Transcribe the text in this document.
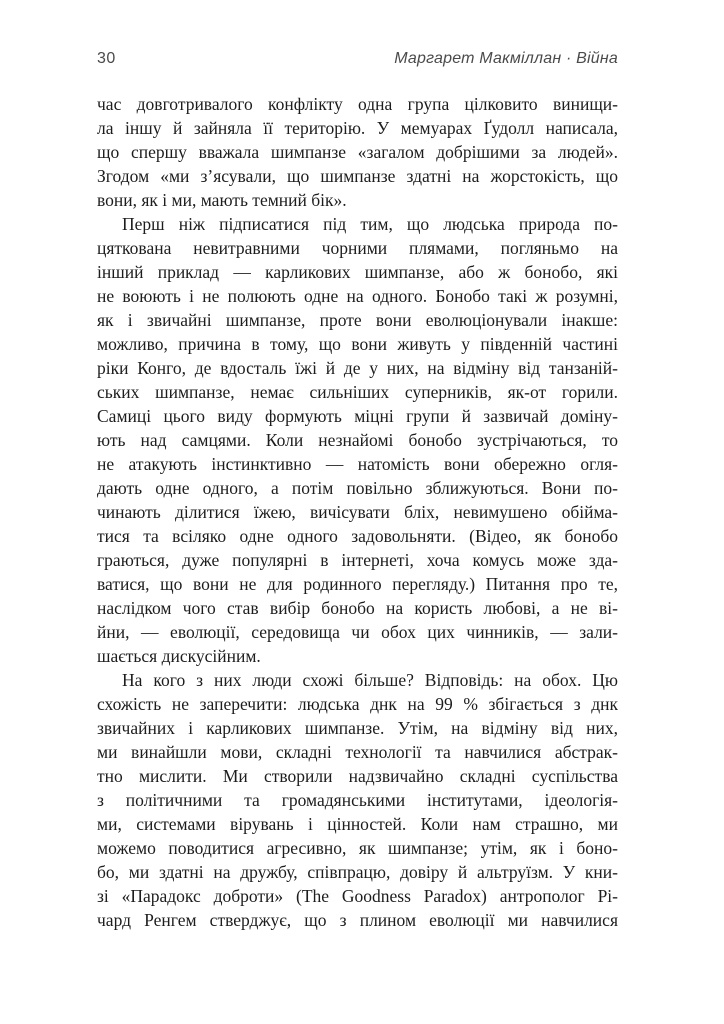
30	Маргарет Макміллан · Війна

час довготривалого конфлікту одна група цілковито винищи-
ла іншу й зайняла її територію. У мемуарах Ґудолл написала,
що спершу вважала шимпанзе «загалом добрішими за людей».
Згодом «ми з’ясували, що шимпанзе здатні на жорстокість, що
вони, як і ми, мають темний бік».

Перш ніж підписатися під тим, що людська природа по-
цяткована невитравними чорними плямами, погляньмо на
інший приклад — карликових шимпанзе, або ж бонобо, які
не воюють і не полюють одне на одного. Бонобо такі ж розумні,
як і звичайні шимпанзе, проте вони еволюціонували інакше:
можливо, причина в тому, що вони живуть у південній частині
ріки Конго, де вдосталь їжі й де у них, на відміну від танзаній-
ських шимпанзе, немає сильніших суперників, як-от горили.
Самиці цього виду формують міцні групи й зазвичай доміну-
ють над самцями. Коли незнайомі бонобо зустрічаються, то
не атакують інстинктивно — натомість вони обережно огля-
дають одне одного, а потім повільно зближуються. Вони по-
чинають ділитися їжею, вичісувати бліх, невимушено обійма-
тися та всіляко одне одного задовольняти. (Відео, як бонобо
граються, дуже популярні в інтернеті, хоча комусь може зда-
ватися, що вони не для родинного перегляду.) Питання про те,
наслідком чого став вибір бонобо на користь любові, а не ві-
йни, — еволюції, середовища чи обох цих чинників, — зали-
шається дискусійним.

На кого з них люди схожі більше? Відповідь: на обох. Цю
схожість не заперечити: людська днк на 99 % збігається з днк
звичайних і карликових шимпанзе. Утім, на відміну від них,
ми винайшли мови, складні технології та навчилися абстрак-
тно мислити. Ми створили надзвичайно складні суспільства
з політичними та громадянськими інститутами, ідеологія-
ми, системами вірувань і цінностей. Коли нам страшно, ми
можемо поводитися агресивно, як шимпанзе; утім, як і боно-
бо, ми здатні на дружбу, співпрацю, довіру й альтруїзм. У кни-
зі «Парадокс доброти» (The Goodness Paradox) антрополог Рі-
чард Ренгем стверджує, що з плином еволюції ми навчилися
